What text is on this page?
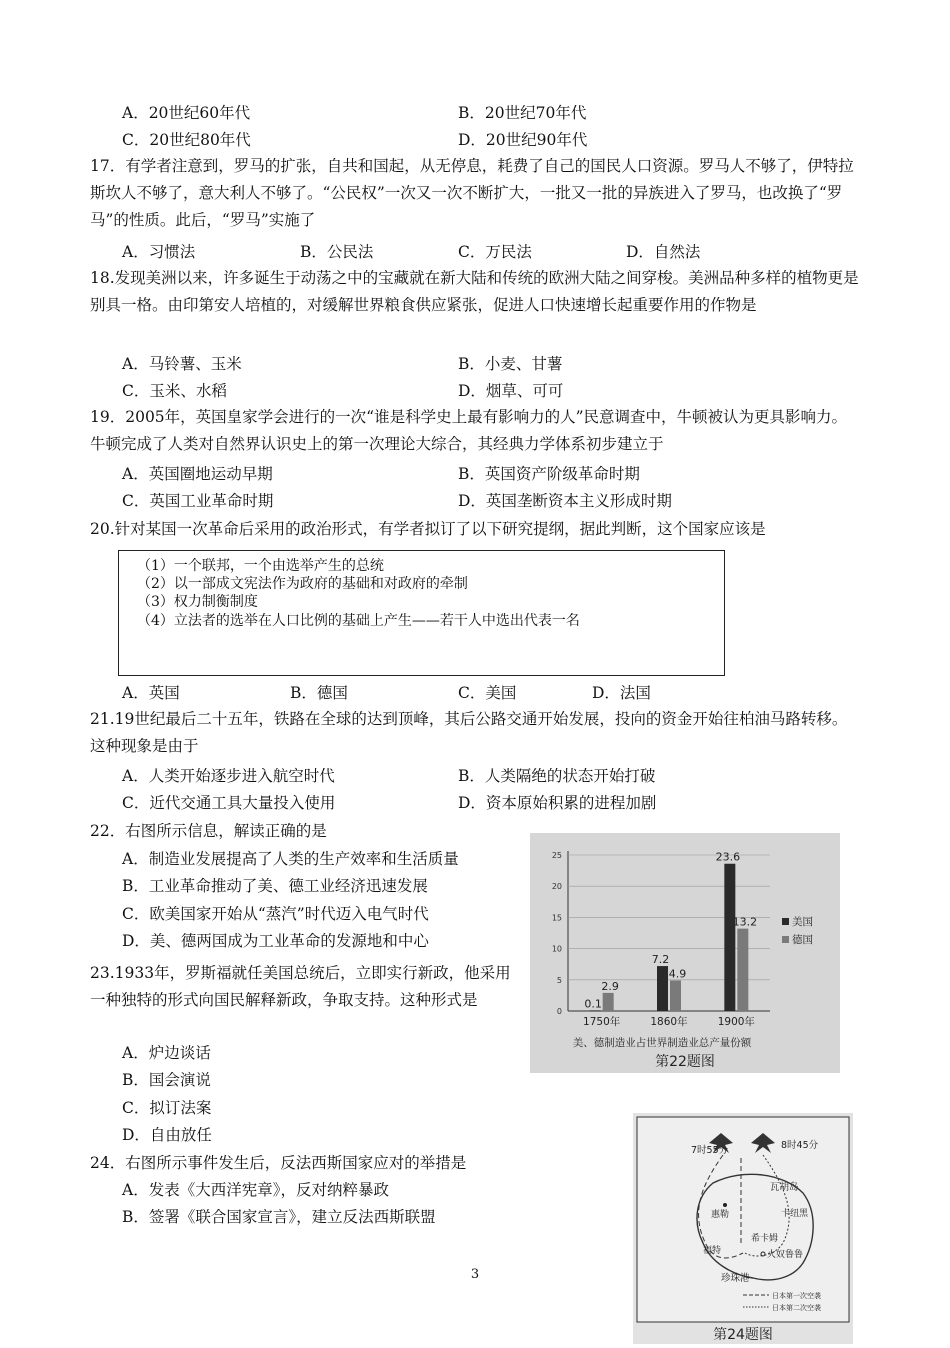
A．20世纪60年代	B．20世纪70年代
C．20世纪80年代	D．20世纪90年代
17．有学者注意到，罗马的扩张，自共和国起，从无停息，耗费了自己的国民人口资源。罗马人不够了，伊特拉斯坎人不够了，意大利人不够了。“公民权”一次又一次不断扩大，一批又一批的异族进入了罗马，也改换了“罗马”的性质。此后，“罗马”实施了
A．习惯法	B．公民法	C．万民法	D．自然法
18.发现美洲以来，许多诞生于动荡之中的宝藏就在新大陆和传统的欧洲大陆之间穿梭。美洲品种多样的植物更是别具一格。由印第安人培植的，对缓解世界粮食供应紧张，促进人口快速增长起重要作用的作物是
A．马铃薯、玉米	B．小麦、甘薯
C．玉米、水稻	D．烟草、可可
19．2005年，英国皇家学会进行的一次“谁是科学史上最有影响力的人”民意调查中，牛顿被认为更具影响力。牛顿完成了人类对自然界认识史上的第一次理论大综合，其经典力学体系初步建立于
A．英国圈地运动早期	B．英国资产阶级革命时期
C．英国工业革命时期	D．英国垄断资本主义形成时期
20.针对某国一次革命后采用的政治形式，有学者拟订了以下研究提纲，据此判断，这个国家应该是
（1）一个联邦，一个由选举产生的总统
（2）以一部成文宪法作为政府的基础和对政府的牵制
（3）权力制衡制度
（4）立法者的选举在人口比例的基础上产生——若干人中选出代表一名
A．英国	B．德国	C．美国	D．法国
21.19世纪最后二十五年，铁路在全球的达到顶峰，其后公路交通开始发展，投向的资金开始往柏油马路转移。这种现象是由于
A．人类开始逐步进入航空时代	B．人类隔绝的状态开始打破
C．近代交通工具大量投入使用	D．资本原始积累的进程加剧
22．右图所示信息，解读正确的是
A．制造业发展提高了人类的生产效率和生活质量
B．工业革命推动了美、德工业经济迅速发展
C．欧美国家开始从“蒸汽”时代迈入电气时代
D．美、德两国成为工业革命的发源地和中心
0
5
10
15
20
25
0.1
2.9
7.2
4.9
23.6
13.2
1750年	1860年	1900年
美国
德国
美、德制造业占世界制造业总产量份额
第22题图
23.1933年，罗斯福就任美国总统后，立即实行新政，他采用一种独特的形式向国民解释新政，争取支持。这种形式是
A．炉边谈话
B．国会演说
C．拟订法案
D．自由放任
24．右图所示事件发生后，反法西斯国家应对的举措是
A．发表《大西洋宪章》，反对纳粹暴政
B．签署《联合国家宣言》，建立反法西斯联盟
7时55分	8时45分
瓦胡岛
惠勒	卡纽黑
希卡姆
福特	火奴鲁鲁
珍珠港
日本第一次空袭
日本第二次空袭
第24题图
3
